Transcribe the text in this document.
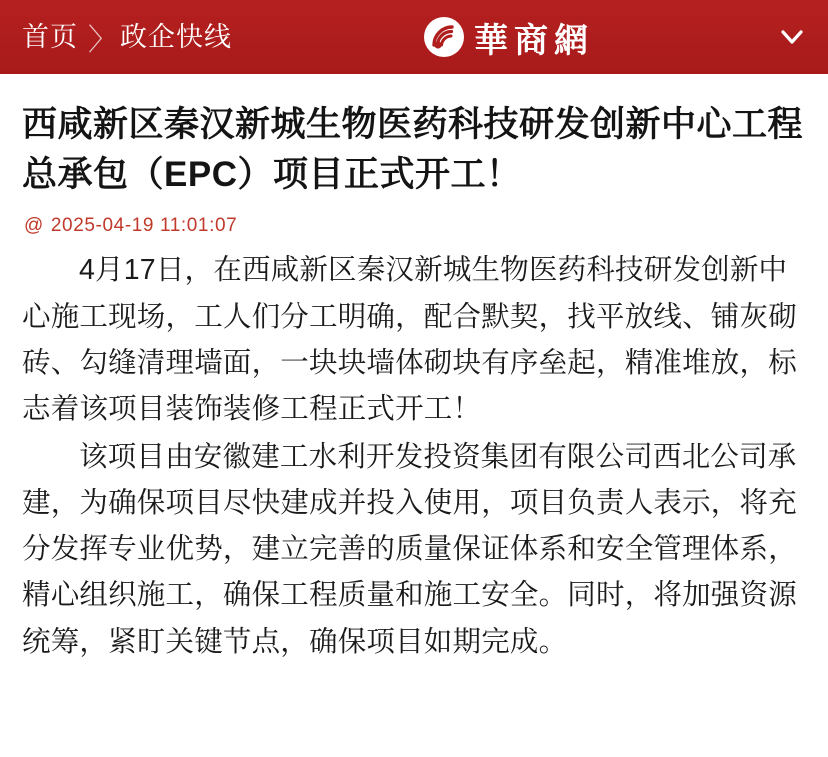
首页 〉 政企快线	華商網
西咸新区秦汉新城生物医药科技研发创新中心工程总承包（EPC）项目正式开工！
@ 2025-04-19 11:01:07

4月17日，在西咸新区秦汉新城生物医药科技研发创新中心施工现场，工人们分工明确，配合默契，找平放线、铺灰砌砖、勾缝清理墙面，一块块墙体砌块有序垒起，精准堆放，标志着该项目装饰装修工程正式开工！

该项目由安徽建工水利开发投资集团有限公司西北公司承建，为确保项目尽快建成并投入使用，项目负责人表示，将充分发挥专业优势，建立完善的质量保证体系和安全管理体系，精心组织施工，确保工程质量和施工安全。同时，将加强资源统筹，紧盯关键节点，确保项目如期完成。
